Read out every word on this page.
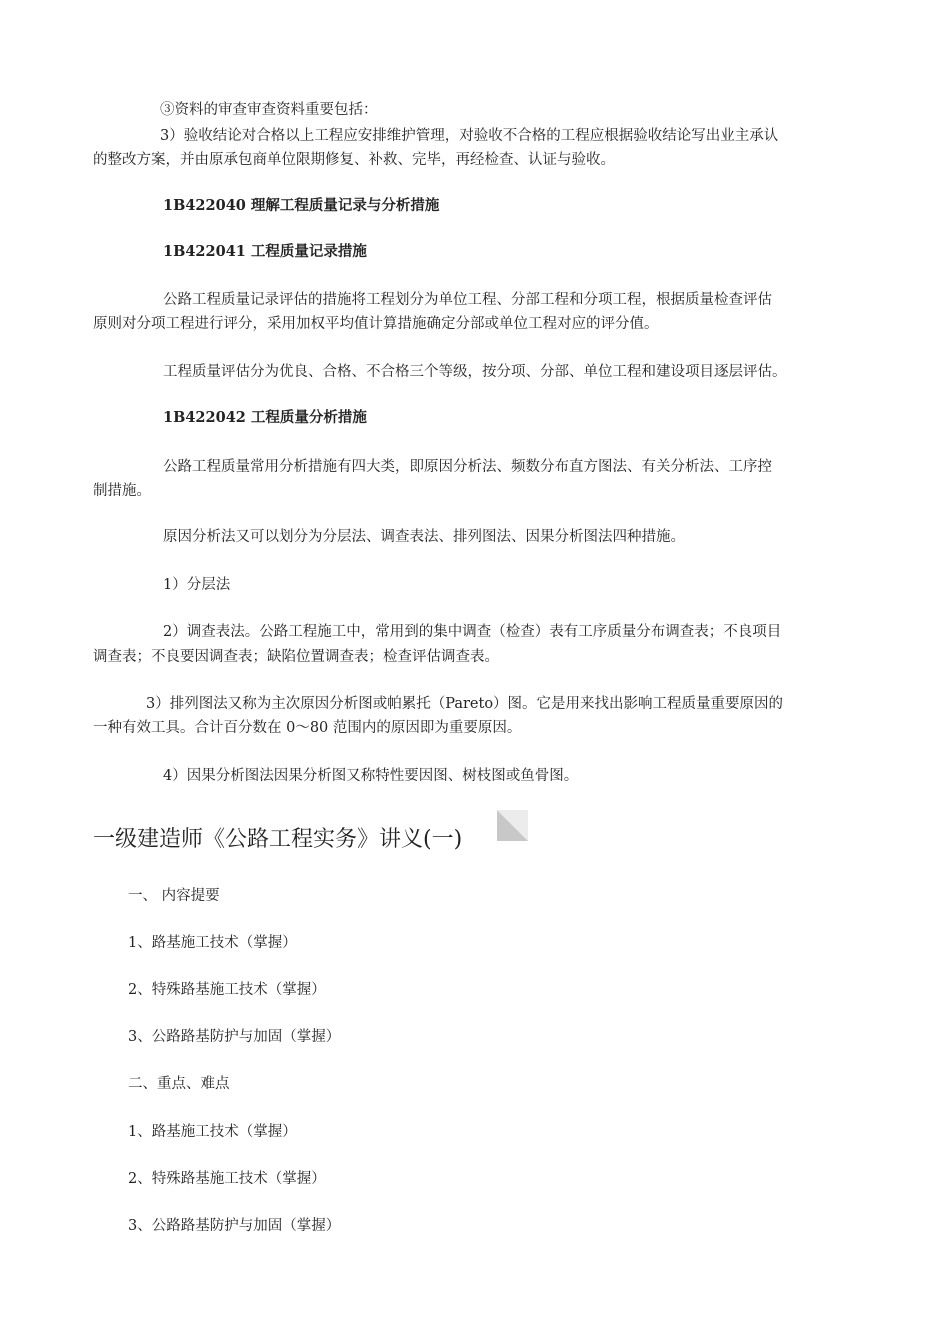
③资料的审查审查资料重要包括：

3）验收结论对合格以上工程应安排维护管理，对验收不合格的工程应根据验收结论写出业主承认

的整改方案，并由原承包商单位限期修复、补救、完毕，再经检查、认证与验收。

1B422040 理解工程质量记录与分析措施

1B422041 工程质量记录措施

公路工程质量记录评估的措施将工程划分为单位工程、分部工程和分项工程，根据质量检查评估

原则对分项工程进行评分，采用加权平均值计算措施确定分部或单位工程对应的评分值。

工程质量评估分为优良、合格、不合格三个等级，按分项、分部、单位工程和建设项目逐层评估。

1B422042 工程质量分析措施

公路工程质量常用分析措施有四大类，即原因分析法、频数分布直方图法、有关分析法、工序控

制措施。

原因分析法又可以划分为分层法、调查表法、排列图法、因果分析图法四种措施。

1）分层法

2）调查表法。公路工程施工中，常用到的集中调查（检查）表有工序质量分布调查表；不良项目

调查表；不良要因调查表；缺陷位置调查表；检查评估调查表。

3）排列图法又称为主次原因分析图或帕累托（Pareto）图。它是用来找出影响工程质量重要原因的

一种有效工具。合计百分数在 0～80 范围内的原因即为重要原因。

4）因果分析图法因果分析图又称特性要因图、树枝图或鱼骨图。

一级建造师《公路工程实务》讲义(一)

一、 内容提要

1、路基施工技术（掌握）

2、特殊路基施工技术（掌握）

3、公路路基防护与加固（掌握）

二、重点、难点

1、路基施工技术（掌握）

2、特殊路基施工技术（掌握）

3、公路路基防护与加固（掌握）
